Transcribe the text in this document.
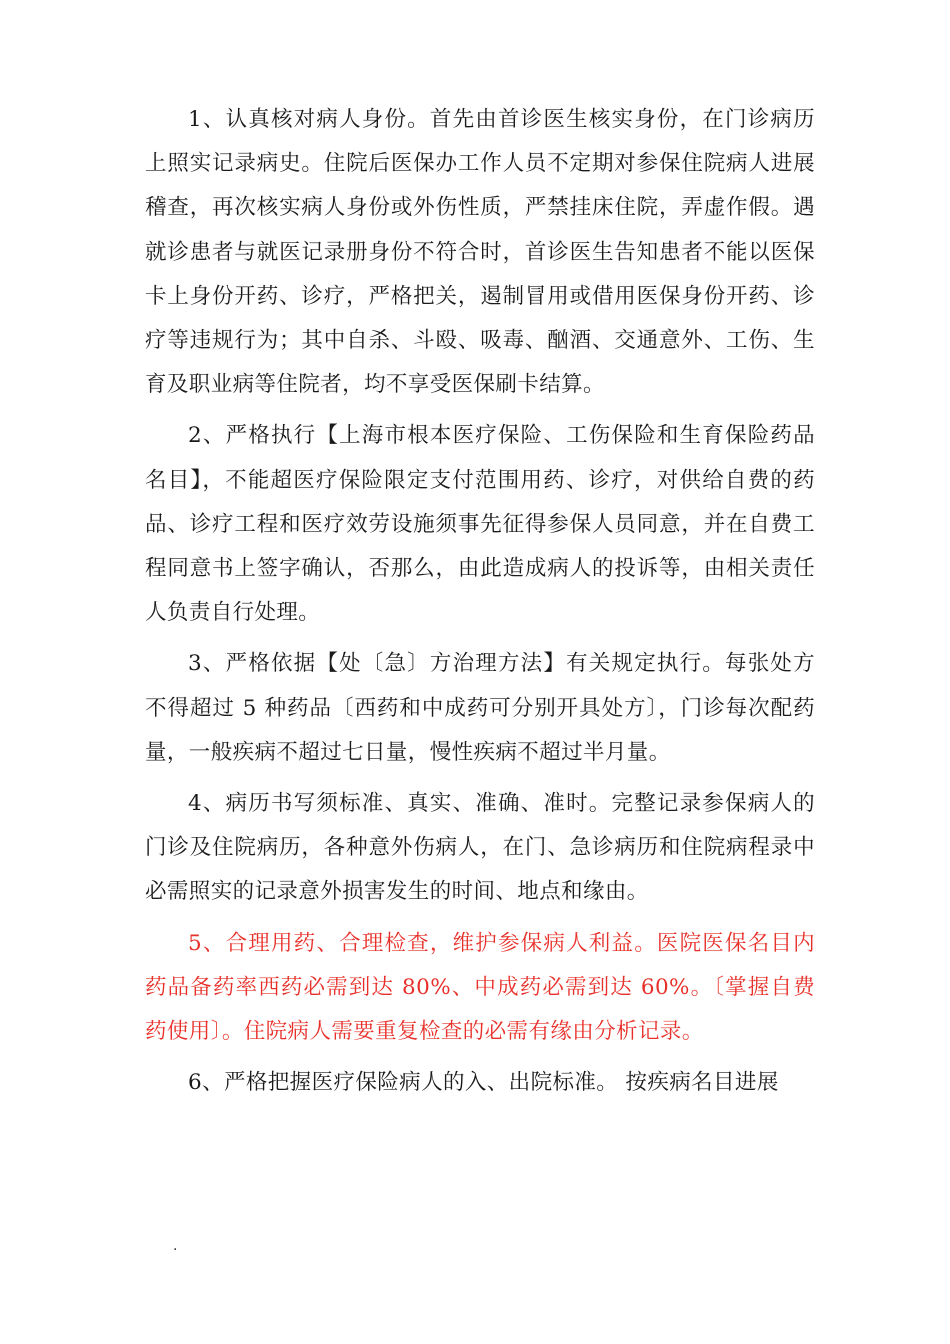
1、认真核对病人身份。首先由首诊医生核实身份，在门诊病历上照实记录病史。住院后医保办工作人员不定期对参保住院病人进展稽查，再次核实病人身份或外伤性质，严禁挂床住院，弄虚作假。遇就诊患者与就医记录册身份不符合时，首诊医生告知患者不能以医保卡上身份开药、诊疗，严格把关，遏制冒用或借用医保身份开药、诊疗等违规行为；其中自杀、斗殴、吸毒、酗酒、交通意外、工伤、生育及职业病等住院者，均不享受医保刷卡结算。

2、严格执行【上海市根本医疗保险、工伤保险和生育保险药品名目】，不能超医疗保险限定支付范围用药、诊疗，对供给自费的药品、诊疗工程和医疗效劳设施须事先征得参保人员同意，并在自费工程同意书上签字确认，否那么，由此造成病人的投诉等，由相关责任人负责自行处理。

3、严格依据【处〔急〕方治理方法】有关规定执行。每张处方不得超过 5 种药品〔西药和中成药可分别开具处方〕，门诊每次配药量，一般疾病不超过七日量，慢性疾病不超过半月量。

4、病历书写须标准、真实、准确、准时。完整记录参保病人的门诊及住院病历，各种意外伤病人，在门、急诊病历和住院病程录中必需照实的记录意外损害发生的时间、地点和缘由。

5、合理用药、合理检查，维护参保病人利益。医院医保名目内药品备药率西药必需到达 80%、中成药必需到达 60%。〔掌握自费药使用〕。住院病人需要重复检查的必需有缘由分析记录。

6、严格把握医疗保险病人的入、出院标准。 按疾病名目进展

.
